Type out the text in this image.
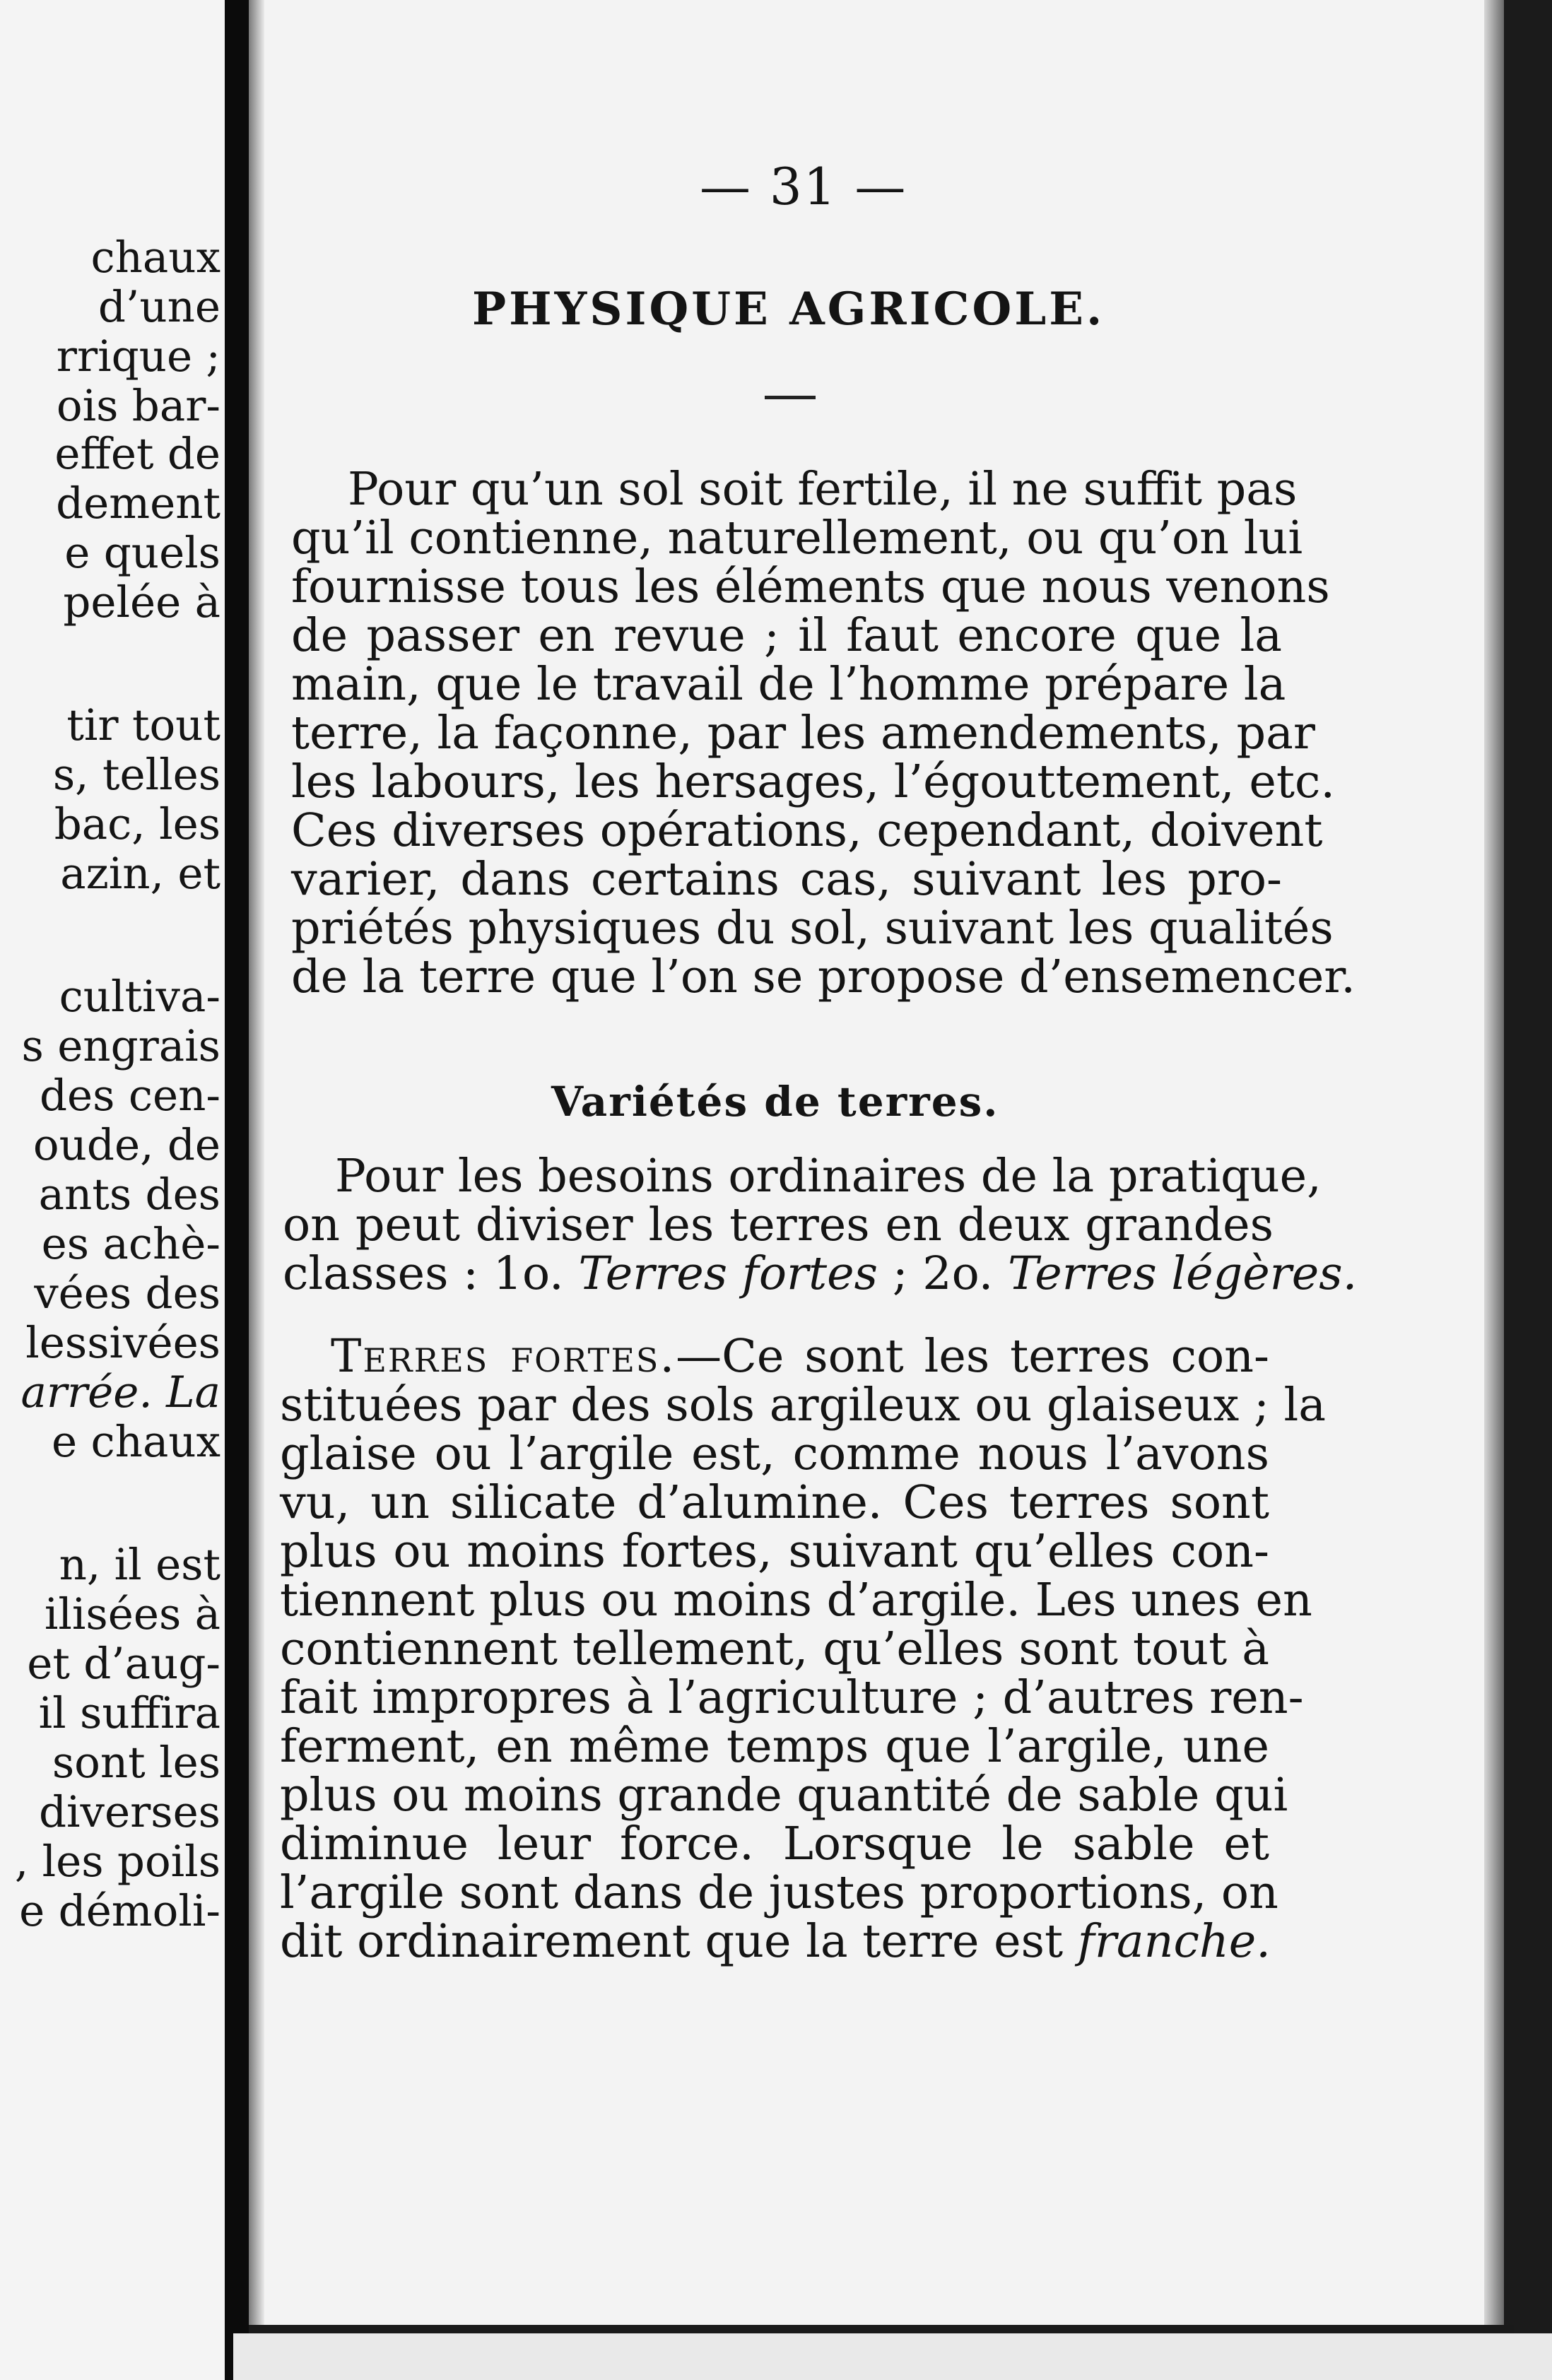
chaux
d’une
rrique ;
ois bar-
effet de
dement
e quels
pelée à
tir tout
s, telles
bac, les
azin, et
cultiva-
s engrais
des cen-
oude, de
ants des
es achè-
vées des
lessivées
arrée. La
e chaux
n, il est
ilisées à
et d’aug-
il suffira
sont les
diverses
, les poils
e démoli-
— 31 —
PHYSIQUE AGRICOLE.
Pour qu’un sol soit fertile, il ne suffit pas
qu’il contienne, naturellement, ou qu’on lui
fournisse tous les éléments que nous venons
de passer en revue ; il faut encore que la
main, que le travail de l’homme prépare la
terre, la façonne, par les amendements, par
les labours, les hersages, l’égouttement, etc.
Ces diverses opérations, cependant, doivent
varier, dans certains cas, suivant les pro-
priétés physiques du sol, suivant les qualités
de la terre que l’on se propose d’ensemencer.
Variétés de terres.
Pour les besoins ordinaires de la pratique,
on peut diviser les terres en deux grandes
classes : 1o. Terres fortes ; 2o. Terres légères.
Terres fortes.—Ce sont les terres con-
stituées par des sols argileux ou glaiseux ; la
glaise ou l’argile est, comme nous l’avons
vu, un silicate d’alumine. Ces terres sont
plus ou moins fortes, suivant qu’elles con-
tiennent plus ou moins d’argile. Les unes en
contiennent tellement, qu’elles sont tout à
fait impropres à l’agriculture ; d’autres ren-
ferment, en même temps que l’argile, une
plus ou moins grande quantité de sable qui
diminue leur force. Lorsque le sable et
l’argile sont dans de justes proportions, on
dit ordinairement que la terre est franche.
